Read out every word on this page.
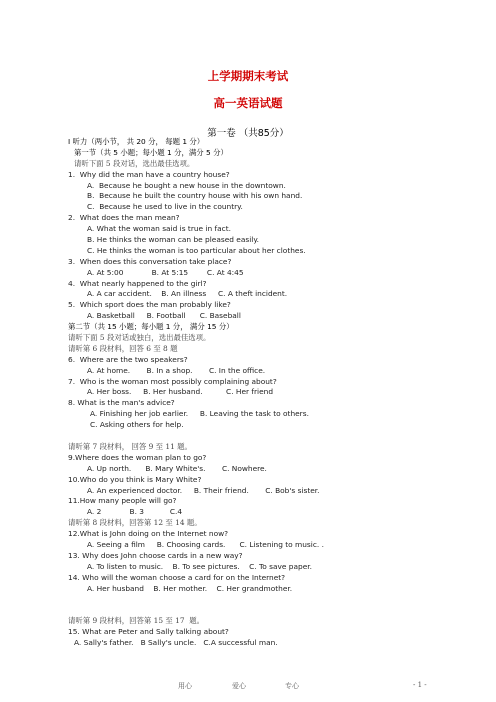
上学期期末考试
高一英语试题
第一卷 （共85分）
Ⅰ 听力（两小节， 共 20 分， 每题 1 分）
第一节（共 5 小题；每小题 1 分，满分 5 分）
请听下面 5 段对话，选出最佳选项。
1.  Why did the man have a country house?
A.  Because he bought a new house in the downtown.
B.  Because he built the country house with his own hand.
C.  Because he used to live in the country.
2.  What does the man mean?
A. What the woman said is true in fact.
B. He thinks the woman can be pleased easily.
C. He thinks the woman is too particular about her clothes.
3.  When does this conversation take place?
A. At 5:00            B. At 5:15        C. At 4:45
4.  What nearly happened to the girl?
A. A car accident.    B. An illness     C. A theft incident.
5.  Which sport does the man probably like?
A. Basketball     B. Football      C. Baseball
第二节（共 15 小题；每小题 1 分， 满分 15 分）
请听下面 5 段对话或独白，选出最佳选项。
请听第 6 段材料，回答 6 至 8 题
6.  Where are the two speakers?
A. At home.       B. In a shop.       C. In the office.
7.  Who is the woman most possibly complaining about?
A. Her boss.     B. Her husband.          C. Her friend
8. What is the man's advice?
A. Finishing her job earlier.     B. Leaving the task to others.
C. Asking others for help.
请听第 7 段材料， 回答 9 至 11 题。
9.Where does the woman plan to go?
A. Up north.      B. Mary White's.       C. Nowhere.
10.Who do you think is Mary White?
A. An experienced doctor.     B. Their friend.       C. Bob's sister.
11.How many people will go?
A. 2            B. 3           C.4
请听第 8 段材料，回答第 12 至 14 题。
12.What is John doing on the Internet now?
A. Seeing a film     B. Choosing cards.      C. Listening to music. .
13. Why does John choose cards in a new way?
A. To listen to music.    B. To see pictures.    C. To save paper.
14. Who will the woman choose a card for on the Internet?
A. Her husband    B. Her mother.    C. Her grandmother.
请听第 9 段材料，回答第 15 至 17  题。
15. What are Peter and Sally talking about?
A. Sally's father.   B Sally's uncle.   C.A successful man.
用心	爱心	专心	- 1 -
